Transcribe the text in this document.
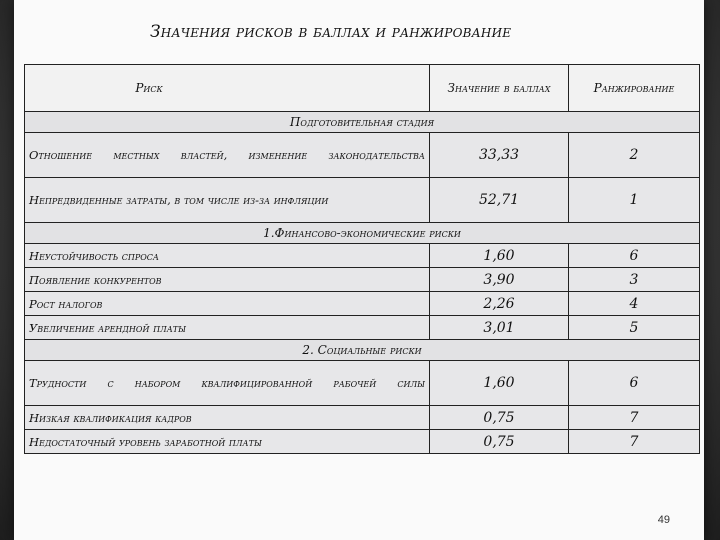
Значения рисков в баллах и ранжирование
Риск	Значение в баллах	Ранжирование
Подготовительная стадия		

Отношение местных властей, изменение законодательства	33,33	2
Непредвиденные затраты, в том числе из-за инфляции	52,71	1
1.Финансово-экономические риски		
Неустойчивость спроса	1,60	6
Появление конкурентов	3,90	3
Рост налогов	2,26	4
Увеличение арендной платы	3,01	5
2. Социальные риски		

Трудности с набором квалифицированной рабочей силы	1,60	6
Низкая квалификация кадров	0,75	7
Недостаточный уровень заработной платы	0,75	7
49
